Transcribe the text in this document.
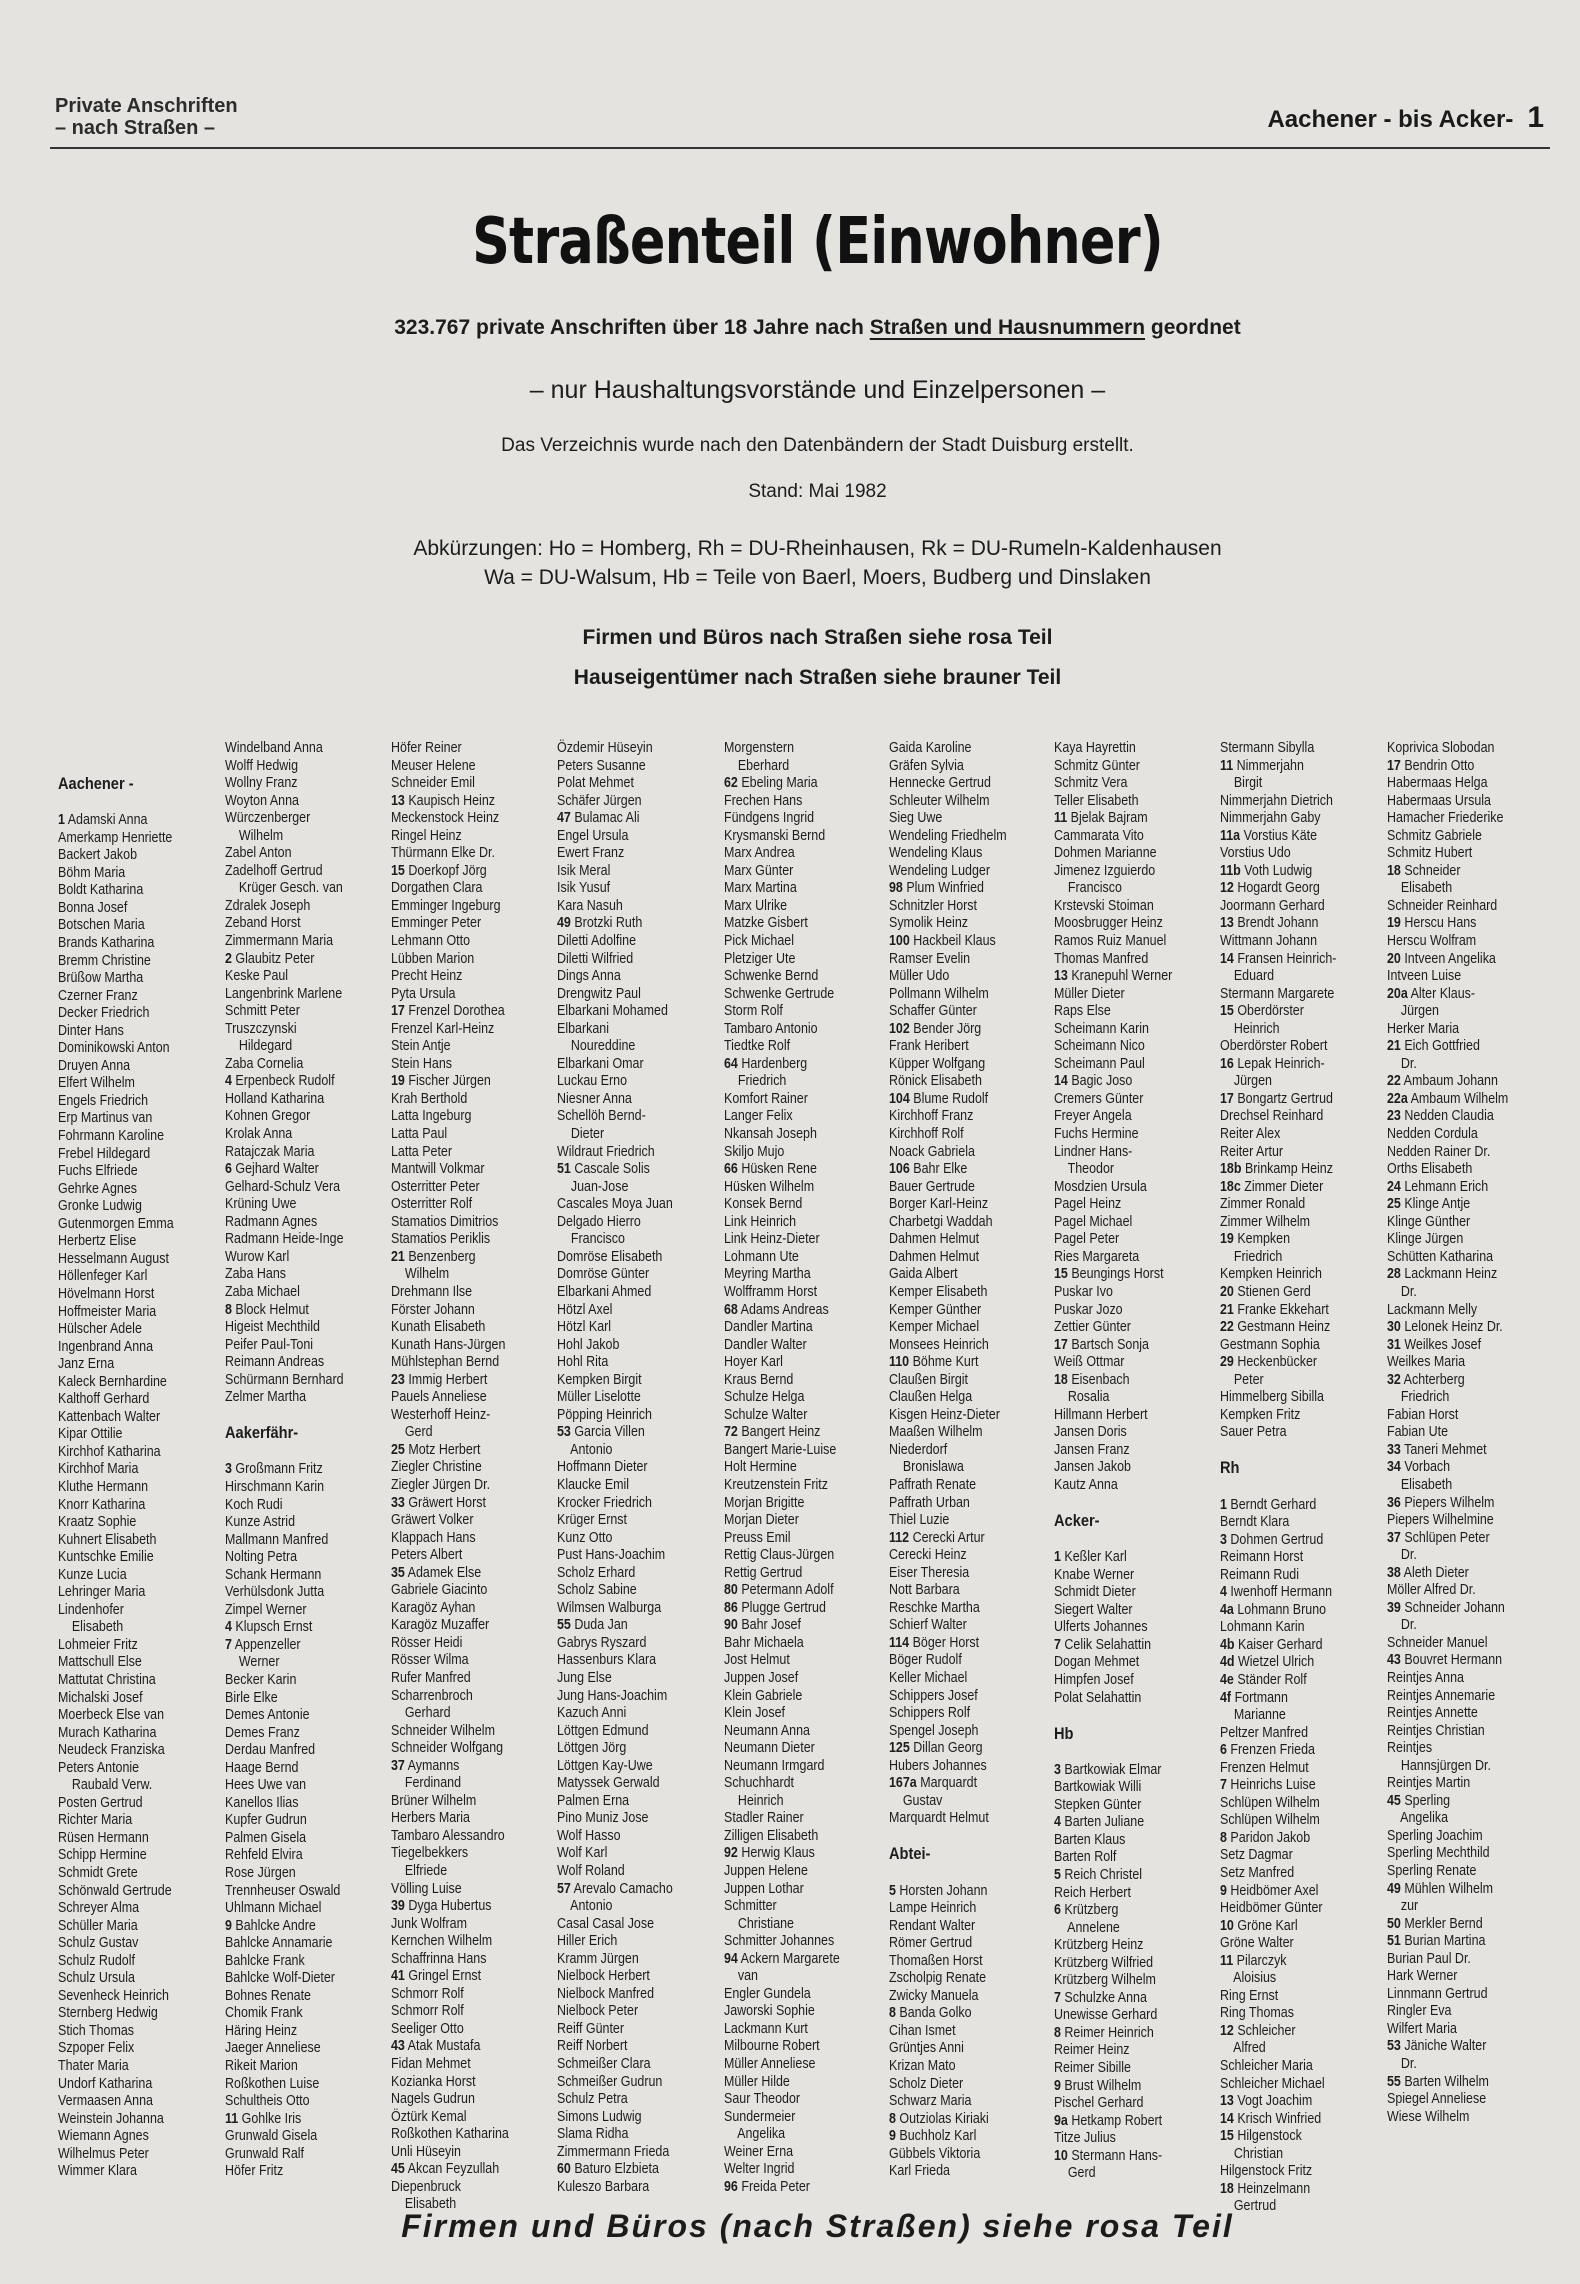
Private Anschriften
– nach Straßen –	Aachener - bis Acker- 1
Straßenteil (Einwohner)
323.767 private Anschriften über 18 Jahre nach Straßen und Hausnummern geordnet
– nur Haushaltungsvorstände und Einzelpersonen –
Das Verzeichnis wurde nach den Datenbändern der Stadt Duisburg erstellt.
Stand: Mai 1982
Abkürzungen: Ho = Homberg, Rh = DU-Rheinhausen, Rk = DU-Rumeln-Kaldenhausen
Wa = DU-Walsum, Hb = Teile von Baerl, Moers, Budberg und Dinslaken
Firmen und Büros nach Straßen siehe rosa Teil
Hauseigentümer nach Straßen siehe brauner Teil

Aachener -

1 Adamski Anna
Amerkamp Henriette
Backert Jakob
Böhm Maria
Boldt Katharina
Bonna Josef
Botschen Maria
Brands Katharina
Bremm Christine
Brüßow Martha
Czerner Franz
Decker Friedrich
Dinter Hans
Dominikowski Anton
Druyen Anna
Elfert Wilhelm
Engels Friedrich
Erp Martinus van
Fohrmann Karoline
Frebel Hildegard
Fuchs Elfriede
Gehrke Agnes
Gronke Ludwig
Gutenmorgen Emma
Herbertz Elise
Hesselmann August
Höllenfeger Karl
Hövelmann Horst
Hoffmeister Maria
Hülscher Adele
Ingenbrand Anna
Janz Erna
Kaleck Bernhardine
Kalthoff Gerhard
Kattenbach Walter
Kipar Ottilie
Kirchhof Katharina
Kirchhof Maria
Kluthe Hermann
Knorr Katharina
Kraatz Sophie
Kuhnert Elisabeth
Kuntschke Emilie
Kunze Lucia
Lehringer Maria
Lindenhofer
Elisabeth
Lohmeier Fritz
Mattschull Else
Mattutat Christina
Michalski Josef
Moerbeck Else van
Murach Katharina
Neudeck Franziska
Peters Antonie
Raubald Verw.
Posten Gertrud
Richter Maria
Rüsen Hermann
Schipp Hermine
Schmidt Grete
Schönwald Gertrude
Schreyer Alma
Schüller Maria
Schulz Gustav
Schulz Rudolf
Schulz Ursula
Sevenheck Heinrich
Sternberg Hedwig
Stich Thomas
Szpoper Felix
Thater Maria
Undorf Katharina
Vermaasen Anna
Weinstein Johanna
Wiemann Agnes
Wilhelmus Peter
Wimmer Klara
Windelband Anna
Wolff Hedwig
Wollny Franz
Woyton Anna
Würczenberger
Wilhelm
Zabel Anton
Zadelhoff Gertrud
Krüger Gesch. van
Zdralek Joseph
Zeband Horst
Zimmermann Maria
2 Glaubitz Peter
Keske Paul
Langenbrink Marlene
Schmitt Peter
Truszczynski
Hildegard
Zaba Cornelia
4 Erpenbeck Rudolf
Holland Katharina
Kohnen Gregor
Krolak Anna
Ratajczak Maria
6 Gejhard Walter
Gelhard-Schulz Vera
Krüning Uwe
Radmann Agnes
Radmann Heide-Inge
Wurow Karl
Zaba Hans
Zaba Michael
8 Block Helmut
Higeist Mechthild
Peifer Paul-Toni
Reimann Andreas
Schürmann Bernhard
Zelmer Martha

Aakerfähr-

3 Großmann Fritz
Hirschmann Karin
Koch Rudi
Kunze Astrid
Mallmann Manfred
Nolting Petra
Schank Hermann
Verhülsdonk Jutta
Zimpel Werner
4 Klupsch Ernst
7 Appenzeller
Werner
Becker Karin
Birle Elke
Demes Antonie
Demes Franz
Derdau Manfred
Haage Bernd
Hees Uwe van
Kanellos Ilias
Kupfer Gudrun
Palmen Gisela
Rehfeld Elvira
Rose Jürgen
Trennheuser Oswald
Uhlmann Michael
9 Bahlcke Andre
Bahlcke Annamarie
Bahlcke Frank
Bahlcke Wolf-Dieter
Bohnes Renate
Chomik Frank
Häring Heinz
Jaeger Anneliese
Rikeit Marion
Roßkothen Luise
Schultheis Otto
11 Gohlke Iris
Grunwald Gisela
Grunwald Ralf
Höfer Fritz
Höfer Reiner
Meuser Helene
Schneider Emil
13 Kaupisch Heinz
Meckenstock Heinz
Ringel Heinz
Thürmann Elke Dr.
15 Doerkopf Jörg
Dorgathen Clara
Emminger Ingeburg
Emminger Peter
Lehmann Otto
Lübben Marion
Precht Heinz
Pyta Ursula
17 Frenzel Dorothea
Frenzel Karl-Heinz
Stein Antje
Stein Hans
19 Fischer Jürgen
Krah Berthold
Latta Ingeburg
Latta Paul
Latta Peter
Mantwill Volkmar
Osterritter Peter
Osterritter Rolf
Stamatios Dimitrios
Stamatios Periklis
21 Benzenberg
Wilhelm
Drehmann Ilse
Förster Johann
Kunath Elisabeth
Kunath Hans-Jürgen
Mühlstephan Bernd
23 Immig Herbert
Pauels Anneliese
Westerhoff Heinz-
Gerd
25 Motz Herbert
Ziegler Christine
Ziegler Jürgen Dr.
33 Gräwert Horst
Gräwert Volker
Klappach Hans
Peters Albert
35 Adamek Else
Gabriele Giacinto
Karagöz Ayhan
Karagöz Muzaffer
Rösser Heidi
Rösser Wilma
Rufer Manfred
Scharrenbroch
Gerhard
Schneider Wilhelm
Schneider Wolfgang
37 Aymanns
Ferdinand
Brüner Wilhelm
Herbers Maria
Tambaro Alessandro
Tiegelbekkers
Elfriede
Völling Luise
39 Dyga Hubertus
Junk Wolfram
Kernchen Wilhelm
Schaffrinna Hans
41 Gringel Ernst
Schmorr Rolf
Schmorr Rolf
Seeliger Otto
43 Atak Mustafa
Fidan Mehmet
Kozianka Horst
Nagels Gudrun
Öztürk Kemal
Roßkothen Katharina
Unli Hüseyin
45 Akcan Feyzullah
Diepenbruck
Elisabeth
Özdemir Hüseyin
Peters Susanne
Polat Mehmet
Schäfer Jürgen
47 Bulamac Ali
Engel Ursula
Ewert Franz
Isik Meral
Isik Yusuf
Kara Nasuh
49 Brotzki Ruth
Diletti Adolfine
Diletti Wilfried
Dings Anna
Drengwitz Paul
Elbarkani Mohamed
Elbarkani
Noureddine
Elbarkani Omar
Luckau Erno
Niesner Anna
Schellöh Bernd-
Dieter
Wildraut Friedrich
51 Cascale Solis
Juan-Jose
Cascales Moya Juan
Delgado Hierro
Francisco
Domröse Elisabeth
Domröse Günter
Elbarkani Ahmed
Hötzl Axel
Hötzl Karl
Hohl Jakob
Hohl Rita
Kempken Birgit
Müller Liselotte
Pöpping Heinrich
53 Garcia Villen
Antonio
Hoffmann Dieter
Klaucke Emil
Krocker Friedrich
Krüger Ernst
Kunz Otto
Pust Hans-Joachim
Scholz Erhard
Scholz Sabine
Wilmsen Walburga
55 Duda Jan
Gabrys Ryszard
Hassenburs Klara
Jung Else
Jung Hans-Joachim
Kazuch Anni
Löttgen Edmund
Löttgen Jörg
Löttgen Kay-Uwe
Matyssek Gerwald
Palmen Erna
Pino Muniz Jose
Wolf Hasso
Wolf Karl
Wolf Roland
57 Arevalo Camacho
Antonio
Casal Casal Jose
Hiller Erich
Kramm Jürgen
Nielbock Herbert
Nielbock Manfred
Nielbock Peter
Reiff Günter
Reiff Norbert
Schmeißer Clara
Schmeißer Gudrun
Schulz Petra
Simons Ludwig
Slama Ridha
Zimmermann Frieda
60 Baturo Elzbieta
Kuleszo Barbara
Morgenstern
Eberhard
62 Ebeling Maria
Frechen Hans
Fündgens Ingrid
Krysmanski Bernd
Marx Andrea
Marx Günter
Marx Martina
Marx Ulrike
Matzke Gisbert
Pick Michael
Pletziger Ute
Schwenke Bernd
Schwenke Gertrude
Storm Rolf
Tambaro Antonio
Tiedtke Rolf
64 Hardenberg
Friedrich
Komfort Rainer
Langer Felix
Nkansah Joseph
Skiljo Mujo
66 Hüsken Rene
Hüsken Wilhelm
Konsek Bernd
Link Heinrich
Link Heinz-Dieter
Lohmann Ute
Meyring Martha
Wolfframm Horst
68 Adams Andreas
Dandler Martina
Dandler Walter
Hoyer Karl
Kraus Bernd
Schulze Helga
Schulze Walter
72 Bangert Heinz
Bangert Marie-Luise
Holt Hermine
Kreutzenstein Fritz
Morjan Brigitte
Morjan Dieter
Preuss Emil
Rettig Claus-Jürgen
Rettig Gertrud
80 Petermann Adolf
86 Plugge Gertrud
90 Bahr Josef
Bahr Michaela
Jost Helmut
Juppen Josef
Klein Gabriele
Klein Josef
Neumann Anna
Neumann Dieter
Neumann Irmgard
Schuchhardt
Heinrich
Stadler Rainer
Zilligen Elisabeth
92 Herwig Klaus
Juppen Helene
Juppen Lothar
Schmitter
Christiane
Schmitter Johannes
94 Ackern Margarete
van
Engler Gundela
Jaworski Sophie
Lackmann Kurt
Milbourne Robert
Müller Anneliese
Müller Hilde
Saur Theodor
Sundermeier
Angelika
Weiner Erna
Welter Ingrid
96 Freida Peter
Gaida Karoline
Gräfen Sylvia
Hennecke Gertrud
Schleuter Wilhelm
Sieg Uwe
Wendeling Friedhelm
Wendeling Klaus
Wendeling Ludger
98 Plum Winfried
Schnitzler Horst
Symolik Heinz
100 Hackbeil Klaus
Ramser Evelin
Müller Udo
Pollmann Wilhelm
Schaffer Günter
102 Bender Jörg
Frank Heribert
Küpper Wolfgang
Rönick Elisabeth
104 Blume Rudolf
Kirchhoff Franz
Kirchhoff Rolf
Noack Gabriela
106 Bahr Elke
Bauer Gertrude
Borger Karl-Heinz
Charbetgi Waddah
Dahmen Helmut
Dahmen Helmut
Gaida Albert
Kemper Elisabeth
Kemper Günther
Kemper Michael
Monsees Heinrich
110 Böhme Kurt
Claußen Birgit
Claußen Helga
Kisgen Heinz-Dieter
Maaßen Wilhelm
Niederdorf
Bronislawa
Paffrath Renate
Paffrath Urban
Thiel Luzie
112 Cerecki Artur
Cerecki Heinz
Eiser Theresia
Nott Barbara
Reschke Martha
Schierf Walter
114 Böger Horst
Böger Rudolf
Keller Michael
Schippers Josef
Schippers Rolf
Spengel Joseph
125 Dillan Georg
Hubers Johannes
167a Marquardt
Gustav
Marquardt Helmut

Abtei-

5 Horsten Johann
Lampe Heinrich
Rendant Walter
Römer Gertrud
Thomaßen Horst
Zscholpig Renate
Zwicky Manuela
8 Banda Golko
Cihan Ismet
Grüntjes Anni
Krizan Mato
Scholz Dieter
Schwarz Maria
8 Outziolas Kiriaki
9 Buchholz Karl
Gübbels Viktoria
Karl Frieda
Kaya Hayrettin
Schmitz Günter
Schmitz Vera
Teller Elisabeth
11 Bjelak Bajram
Cammarata Vito
Dohmen Marianne
Jimenez Izguierdo
Francisco
Krstevski Stoiman
Moosbrugger Heinz
Ramos Ruiz Manuel
Thomas Manfred
13 Kranepuhl Werner
Müller Dieter
Raps Else
Scheimann Karin
Scheimann Nico
Scheimann Paul
14 Bagic Joso
Cremers Günter
Freyer Angela
Fuchs Hermine
Lindner Hans-
Theodor
Mosdzien Ursula
Pagel Heinz
Pagel Michael
Pagel Peter
Ries Margareta
15 Beungings Horst
Puskar Ivo
Puskar Jozo
Zettier Günter
17 Bartsch Sonja
Weiß Ottmar
18 Eisenbach
Rosalia
Hillmann Herbert
Jansen Doris
Jansen Franz
Jansen Jakob
Kautz Anna

Acker-

1 Keßler Karl
Knabe Werner
Schmidt Dieter
Siegert Walter
Ulferts Johannes
7 Celik Selahattin
Dogan Mehmet
Himpfen Josef
Polat Selahattin

Hb

3 Bartkowiak Elmar
Bartkowiak Willi
Stepken Günter
4 Barten Juliane
Barten Klaus
Barten Rolf
5 Reich Christel
Reich Herbert
6 Krützberg
Annelene
Krützberg Heinz
Krützberg Wilfried
Krützberg Wilhelm
7 Schulzke Anna
Unewisse Gerhard
8 Reimer Heinrich
Reimer Heinz
Reimer Sibille
9 Brust Wilhelm
Pischel Gerhard
9a Hetkamp Robert
Titze Julius
10 Stermann Hans-
Gerd
Stermann Sibylla
11 Nimmerjahn
Birgit
Nimmerjahn Dietrich
Nimmerjahn Gaby
11a Vorstius Käte
Vorstius Udo
11b Voth Ludwig
12 Hogardt Georg
Joormann Gerhard
13 Brendt Johann
Wittmann Johann
14 Fransen Heinrich-
Eduard
Stermann Margarete
15 Oberdörster
Heinrich
Oberdörster Robert
16 Lepak Heinrich-
Jürgen
17 Bongartz Gertrud
Drechsel Reinhard
Reiter Alex
Reiter Artur
18b Brinkamp Heinz
18c Zimmer Dieter
Zimmer Ronald
Zimmer Wilhelm
19 Kempken
Friedrich
Kempken Heinrich
20 Stienen Gerd
21 Franke Ekkehart
22 Gestmann Heinz
Gestmann Sophia
29 Heckenbücker
Peter
Himmelberg Sibilla
Kempken Fritz
Sauer Petra

Rh

1 Berndt Gerhard
Berndt Klara
3 Dohmen Gertrud
Reimann Horst
Reimann Rudi
4 Iwenhoff Hermann
4a Lohmann Bruno
Lohmann Karin
4b Kaiser Gerhard
4d Wietzel Ulrich
4e Ständer Rolf
4f Fortmann
Marianne
Peltzer Manfred
6 Frenzen Frieda
Frenzen Helmut
7 Heinrichs Luise
Schlüpen Wilhelm
Schlüpen Wilhelm
8 Paridon Jakob
Setz Dagmar
Setz Manfred
9 Heidbömer Axel
Heidbömer Günter
10 Gröne Karl
Gröne Walter
11 Pilarczyk
Aloisius
Ring Ernst
Ring Thomas
12 Schleicher
Alfred
Schleicher Maria
Schleicher Michael
13 Vogt Joachim
14 Krisch Winfried
15 Hilgenstock
Christian
Hilgenstock Fritz
18 Heinzelmann
Gertrud
Koprivica Slobodan
17 Bendrin Otto
Habermaas Helga
Habermaas Ursula
Hamacher Friederike
Schmitz Gabriele
Schmitz Hubert
18 Schneider
Elisabeth
Schneider Reinhard
19 Herscu Hans
Herscu Wolfram
20 Intveen Angelika
Intveen Luise
20a Alter Klaus-
Jürgen
Herker Maria
21 Eich Gottfried
Dr.
22 Ambaum Johann
22a Ambaum Wilhelm
23 Nedden Claudia
Nedden Cordula
Nedden Rainer Dr.
Orths Elisabeth
24 Lehmann Erich
25 Klinge Antje
Klinge Günther
Klinge Jürgen
Schütten Katharina
28 Lackmann Heinz
Dr.
Lackmann Melly
30 Lelonek Heinz Dr.
31 Weilkes Josef
Weilkes Maria
32 Achterberg
Friedrich
Fabian Horst
Fabian Ute
33 Taneri Mehmet
34 Vorbach
Elisabeth
36 Piepers Wilhelm
Piepers Wilhelmine
37 Schlüpen Peter
Dr.
38 Aleth Dieter
Möller Alfred Dr.
39 Schneider Johann
Dr.
Schneider Manuel
43 Bouvret Hermann
Reintjes Anna
Reintjes Annemarie
Reintjes Annette
Reintjes Christian
Reintjes
Hannsjürgen Dr.
Reintjes Martin
45 Sperling
Angelika
Sperling Joachim
Sperling Mechthild
Sperling Renate
49 Mühlen Wilhelm
zur
50 Merkler Bernd
51 Burian Martina
Burian Paul Dr.
Hark Werner
Linnmann Gertrud
Ringler Eva
Wilfert Maria
53 Jäniche Walter
Dr.
55 Barten Wilhelm
Spiegel Anneliese
Wiese Wilhelm
Firmen und Büros (nach Straßen) siehe rosa Teil
